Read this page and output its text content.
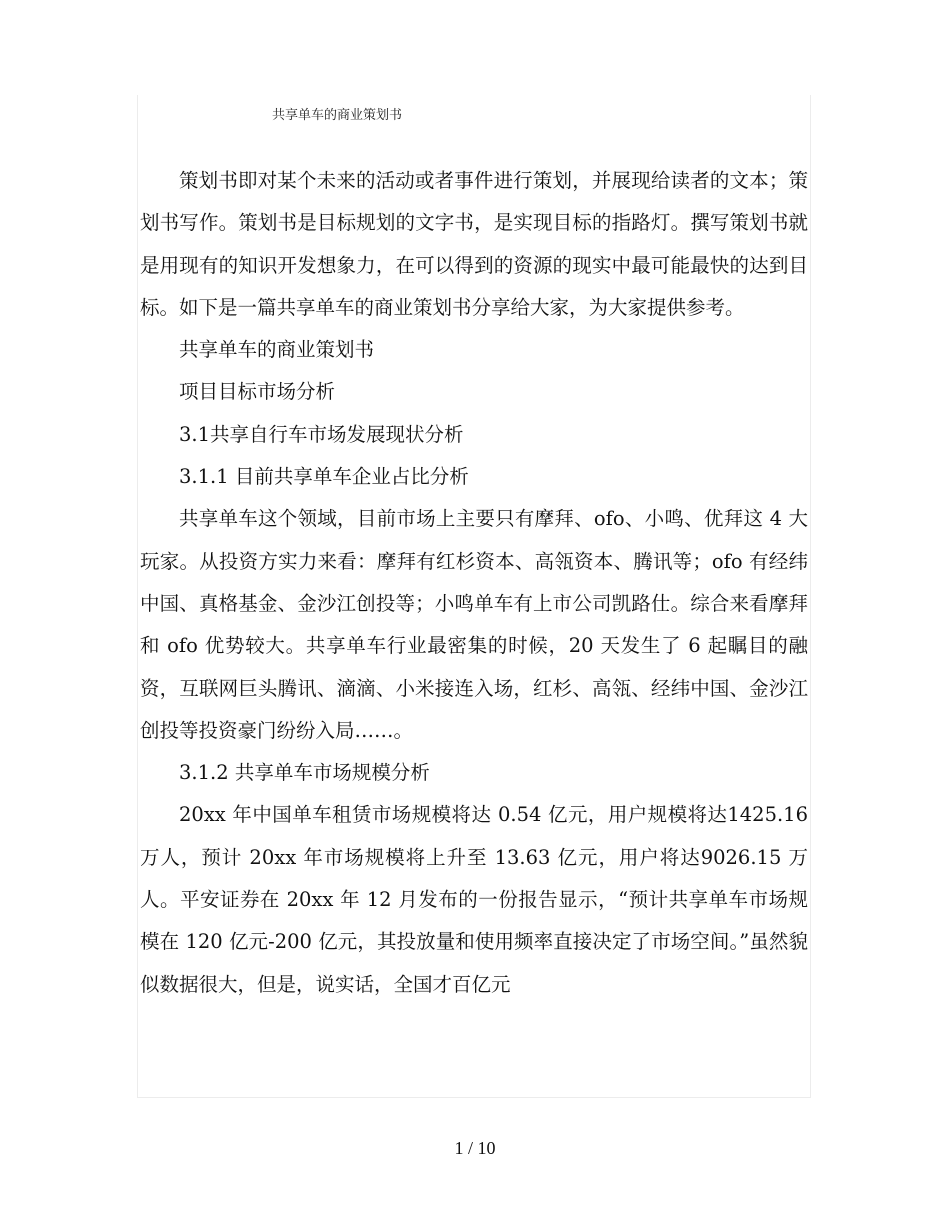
共享单车的商业策划书

策划书即对某个未来的活动或者事件进行策划，并展现给读者的文本；策划书写作。策划书是目标规划的文字书，是实现目标的指路灯。撰写策划书就是用现有的知识开发想象力，在可以得到的资源的现实中最可能最快的达到目标。如下是一篇共享单车的商业策划书分享给大家，为大家提供参考。

共享单车的商业策划书

项目目标市场分析

3.1共享自行车市场发展现状分析

3.1.1 目前共享单车企业占比分析

共享单车这个领域，目前市场上主要只有摩拜、ofo、小鸣、优拜这 4 大玩家。从投资方实力来看：摩拜有红杉资本、高瓴资本、腾讯等；ofo 有经纬中国、真格基金、金沙江创投等；小鸣单车有上市公司凯路仕。综合来看摩拜和 ofo 优势较大。共享单车行业最密集的时候，20 天发生了 6 起瞩目的融资，互联网巨头腾讯、滴滴、小米接连入场，红杉、高瓴、经纬中国、金沙江创投等投资豪门纷纷入局……。

3.1.2 共享单车市场规模分析

20xx 年中国单车租赁市场规模将达 0.54 亿元，用户规模将达1425.16 万人，预计 20xx 年市场规模将上升至 13.63 亿元，用户将达9026.15 万人。平安证券在 20xx 年 12 月发布的一份报告显示，“预计共享单车市场规模在 120 亿元-200 亿元，其投放量和使用频率直接决定了市场空间。”虽然貌似数据很大，但是，说实话，全国才百亿元

1 / 10
